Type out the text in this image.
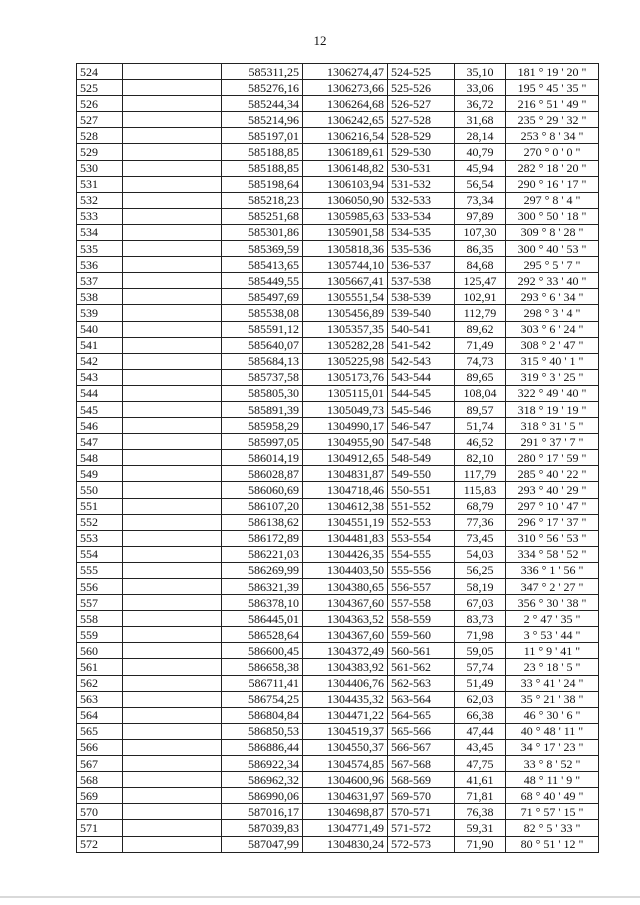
12
524		585311,25	1306274,47	524-525	35,10	181 ° 19 ' 20 "
525		585276,16	1306273,66	525-526	33,06	195 ° 45 ' 35 "
526		585244,34	1306264,68	526-527	36,72	216 ° 51 ' 49 "
527		585214,96	1306242,65	527-528	31,68	235 ° 29 ' 32 "
528		585197,01	1306216,54	528-529	28,14	253 ° 8 ' 34 "
529		585188,85	1306189,61	529-530	40,79	270 ° 0 ' 0 "
530		585188,85	1306148,82	530-531	45,94	282 ° 18 ' 20 "
531		585198,64	1306103,94	531-532	56,54	290 ° 16 ' 17 "
532		585218,23	1306050,90	532-533	73,34	297 ° 8 ' 4 "
533		585251,68	1305985,63	533-534	97,89	300 ° 50 ' 18 "
534		585301,86	1305901,58	534-535	107,30	309 ° 8 ' 28 "
535		585369,59	1305818,36	535-536	86,35	300 ° 40 ' 53 "
536		585413,65	1305744,10	536-537	84,68	295 ° 5 ' 7 "
537		585449,55	1305667,41	537-538	125,47	292 ° 33 ' 40 "
538		585497,69	1305551,54	538-539	102,91	293 ° 6 ' 34 "
539		585538,08	1305456,89	539-540	112,79	298 ° 3 ' 4 "
540		585591,12	1305357,35	540-541	89,62	303 ° 6 ' 24 "
541		585640,07	1305282,28	541-542	71,49	308 ° 2 ' 47 "
542		585684,13	1305225,98	542-543	74,73	315 ° 40 ' 1 "
543		585737,58	1305173,76	543-544	89,65	319 ° 3 ' 25 "
544		585805,30	1305115,01	544-545	108,04	322 ° 49 ' 40 "
545		585891,39	1305049,73	545-546	89,57	318 ° 19 ' 19 "
546		585958,29	1304990,17	546-547	51,74	318 ° 31 ' 5 "
547		585997,05	1304955,90	547-548	46,52	291 ° 37 ' 7 "
548		586014,19	1304912,65	548-549	82,10	280 ° 17 ' 59 "
549		586028,87	1304831,87	549-550	117,79	285 ° 40 ' 22 "
550		586060,69	1304718,46	550-551	115,83	293 ° 40 ' 29 "
551		586107,20	1304612,38	551-552	68,79	297 ° 10 ' 47 "
552		586138,62	1304551,19	552-553	77,36	296 ° 17 ' 37 "
553		586172,89	1304481,83	553-554	73,45	310 ° 56 ' 53 "
554		586221,03	1304426,35	554-555	54,03	334 ° 58 ' 52 "
555		586269,99	1304403,50	555-556	56,25	336 ° 1 ' 56 "
556		586321,39	1304380,65	556-557	58,19	347 ° 2 ' 27 "
557		586378,10	1304367,60	557-558	67,03	356 ° 30 ' 38 "
558		586445,01	1304363,52	558-559	83,73	2 ° 47 ' 35 "
559		586528,64	1304367,60	559-560	71,98	3 ° 53 ' 44 "
560		586600,45	1304372,49	560-561	59,05	11 ° 9 ' 41 "
561		586658,38	1304383,92	561-562	57,74	23 ° 18 ' 5 "
562		586711,41	1304406,76	562-563	51,49	33 ° 41 ' 24 "
563		586754,25	1304435,32	563-564	62,03	35 ° 21 ' 38 "
564		586804,84	1304471,22	564-565	66,38	46 ° 30 ' 6 "
565		586850,53	1304519,37	565-566	47,44	40 ° 48 ' 11 "
566		586886,44	1304550,37	566-567	43,45	34 ° 17 ' 23 "
567		586922,34	1304574,85	567-568	47,75	33 ° 8 ' 52 "
568		586962,32	1304600,96	568-569	41,61	48 ° 11 ' 9 "
569		586990,06	1304631,97	569-570	71,81	68 ° 40 ' 49 "
570		587016,17	1304698,87	570-571	76,38	71 ° 57 ' 15 "
571		587039,83	1304771,49	571-572	59,31	82 ° 5 ' 33 "
572		587047,99	1304830,24	572-573	71,90	80 ° 51 ' 12 "
